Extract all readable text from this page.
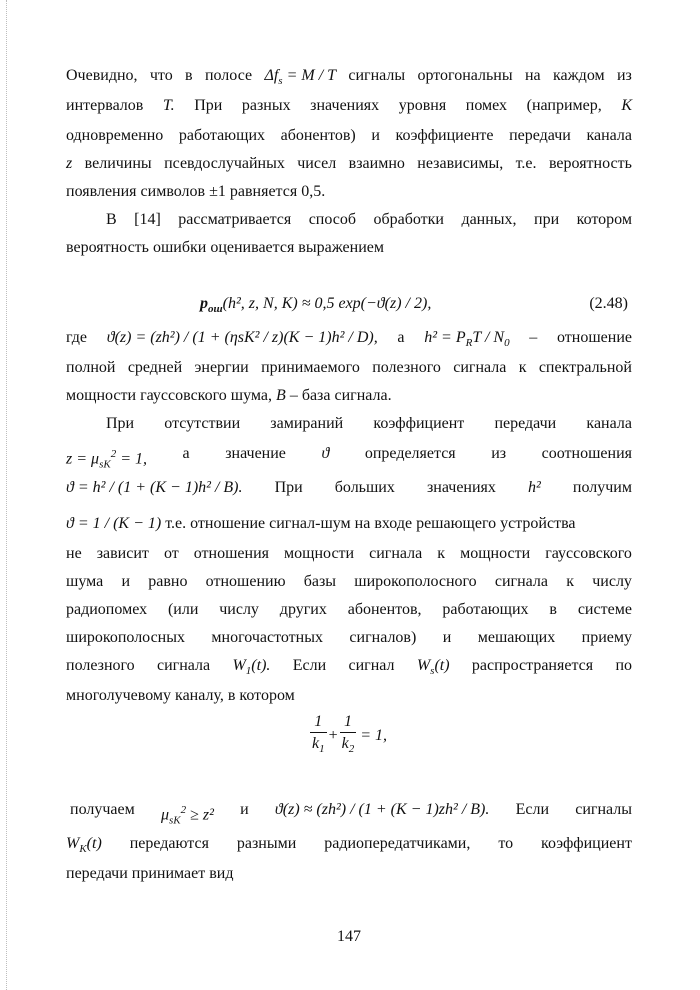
Очевидно, что в полосе $\Delta f_s = M / T$ сигналы ортогональны на каждом из
интервалов T. При разных значениях уровня помех (например, K
одновременно работающих абонентов) и коэффициенте передачи канала
z величины псевдослучайных чисел взаимно независимы, т.е. вероятность
появления символов ±1 равняется 0,5.
В [14] рассматривается способ обработки данных, при котором
вероятность ошибки оценивается выражением
$p_{ош}(h^2$, z, N, K) ≈ 0,5 exp(−ϑ(z) / 2),	(2.48)
где ϑ(z) = (zh²) / (1 + (ηsK² / z)(K − 1)h² / D), а $h^2 = P_RT / N_0$ – отношение
полной средней энергии принимаемого полезного сигнала к спектральной
мощности гауссовского шума, B – база сигнала.
При отсутствии замираний коэффициент передачи канала
$z = \mu_{sK}^2 = 1$, а значение ϑ определяется из соотношения
ϑ = h² / (1 + (K − 1)h² / B). При больших значениях h² получим
ϑ = 1 / (K − 1) т.е. отношение сигнал-шум на входе решающего устройства
не зависит от отношения мощности сигнала к мощности гауссовского
шума и равно отношению базы широкополосного сигнала к числу
радиопомех (или числу других абонентов, работающих в системе
широкополосных многочастотных сигналов) и мешающих приему
полезного сигнала $W_1(t)$. Если сигнал $W_s(t)$ распространяется по
многолучевому каналу, в котором
$\frac{1}{k_1} + \frac{1}{k_2} = 1$,
получаем $\mu_{sK}^2 \ge z^2$ и ϑ(z) ≈ (zh²) / (1 + (K − 1)zh² / B). Если сигналы
$W_K(t)$ передаются разными радиопередатчиками, то коэффициент
передачи принимает вид
147
